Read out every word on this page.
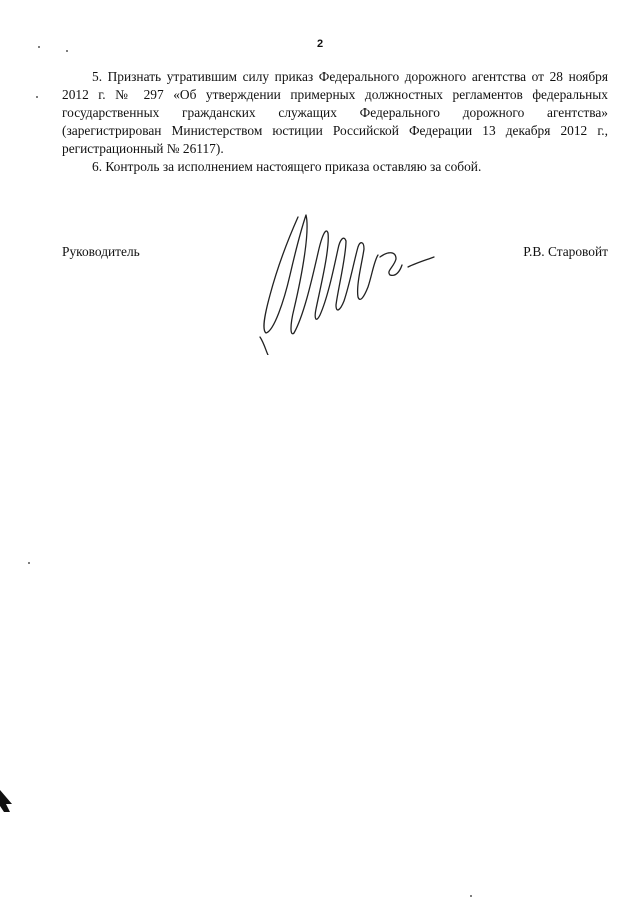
2

5. Признать утратившим силу приказ Федерального дорожного агентства от 28 ноября 2012 г. № 297 «Об утверждении примерных должностных регламентов федеральных государственных гражданских служащих Федерального дорожного агентства» (зарегистрирован Министерством юстиции Российской Федерации 13 декабря 2012 г., регистрационный № 26117).

6. Контроль за исполнением настоящего приказа оставляю за собой.

Руководитель	Р.В. Старовойт
